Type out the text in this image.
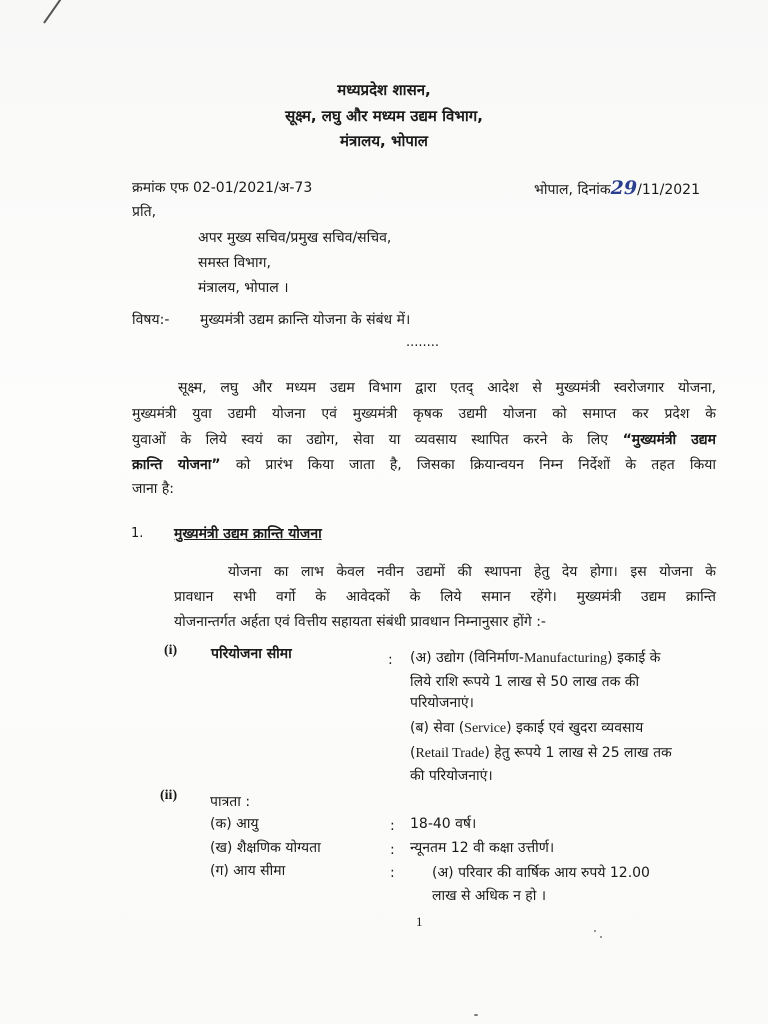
मध्यप्रदेश शासन,
सूक्ष्म, लघु और मध्यम उद्यम विभाग,
मंत्रालय, भोपाल
क्रमांक एफ 02-01/2021/अ-73	भोपाल, दिनांक29/11/2021
प्रति,
अपर मुख्य सचिव/प्रमुख सचिव/सचिव,
समस्त विभाग,
मंत्रालय, भोपाल ।
विषय:- मुख्यमंत्री उद्यम क्रान्ति योजना के संबंध में।
........
सूक्ष्म, लघु और मध्यम उद्यम विभाग द्वारा एतद् आदेश से मुख्यमंत्री स्वरोजगार योजना,
मुख्यमंत्री युवा उद्यमी योजना एवं मुख्यमंत्री कृषक उद्यमी योजना को समाप्त कर प्रदेश के
युवाओं के लिये स्वयं का उद्योग, सेवा या व्यवसाय स्थापित करने के लिए “मुख्यमंत्री उद्यम
क्रान्ति योजना” को प्रारंभ किया जाता है, जिसका क्रियान्वयन निम्न निर्देशों के तहत किया
जाना है:
1. मुख्यमंत्री उद्यम क्रान्ति योजना
योजना का लाभ केवल नवीन उद्यमों की स्थापना हेतु देय होगा। इस योजना के
प्रावधान सभी वर्गो के आवेदकों के लिये समान रहेंगे। मुख्यमंत्री उद्यम क्रान्ति
योजनान्तर्गत अर्हता एवं वित्तीय सहायता संबंधी प्रावधान निम्नानुसार होंगे :-
(i) परियोजना सीमा	: (अ) उद्योग (विनिर्माण-Manufacturing) इकाई के
लिये राशि रूपये 1 लाख से 50 लाख तक की
परियोजनाएं।
(ब) सेवा (Service) इकाई एवं खुदरा व्यवसाय
(Retail Trade) हेतु रूपये 1 लाख से 25 लाख तक
की परियोजनाएं।
(ii) पात्रता :
(क) आयु	: 18-40 वर्ष।
(ख) शैक्षणिक योग्यता	: न्यूनतम 12 वी कक्षा उत्तीर्ण।
(ग) आय सीमा	:	(अ) परिवार की वार्षिक आय रुपये 12.00
लाख से अधिक न हो ।
1
